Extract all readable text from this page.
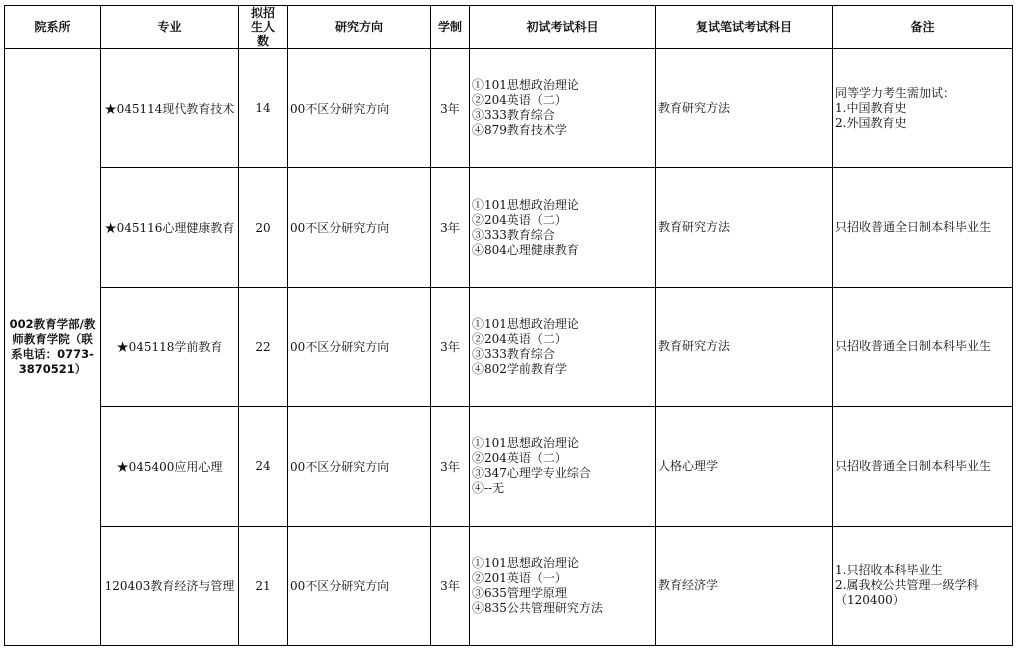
院系所	专业	拟招生人数	研究方向	学制	初试考试科目	复试笔试考试科目	备注
002教育学部/教师教育学院（联系电话：0773-3870521）	★045114现代教育技术	14	00不区分研究方向	3年	①101思想政治理论
②204英语（二）
③333教育综合
④879教育技术学	教育研究方法	同等学力考生需加试：
1.中国教育史
2.外国教育史

	★045116心理健康教育	20	00不区分研究方向	3年	①101思想政治理论
②204英语（二）
③333教育综合
④804心理健康教育	教育研究方法	只招收普通全日制本科毕业生

	★045118学前教育	22	00不区分研究方向	3年	①101思想政治理论
②204英语（二）
③333教育综合
④802学前教育学	教育研究方法	只招收普通全日制本科毕业生

	★045400应用心理	24	00不区分研究方向	3年	①101思想政治理论
②204英语（二）
③347心理学专业综合
④--无	人格心理学	只招收普通全日制本科毕业生

	120403教育经济与管理	21	00不区分研究方向	3年	①101思想政治理论
②201英语（一）
③635管理学原理
④835公共管理研究方法	教育经济学	1.只招收本科毕业生
2.属我校公共管理一级学科（120400）
